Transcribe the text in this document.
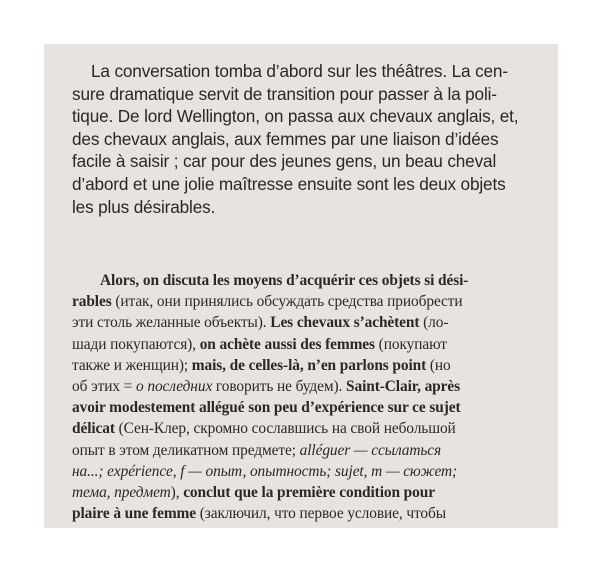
La conversation tomba d’abord sur les théâtres. La cen-
sure dramatique servit de transition pour passer à la poli-
tique. De lord Wellington, on passa aux chevaux anglais, et,
des chevaux anglais, aux femmes par une liaison d’idées
facile à saisir ; car pour des jeunes gens, un beau cheval
d’abord et une jolie maîtresse ensuite sont les deux objets
les plus désirables.
Alors, on discuta les moyens d’acquérir ces objets si dési-
rables (итак, они принялись обсуждать средства приобрести
эти столь желанные объекты). Les chevaux s’achètent (ло-
шади покупаются), on achète aussi des femmes (покупают
также и женщин); mais, de celles-là, n’en parlons point (но
об этих = о последних говорить не будем). Saint-Clair, après
avoir modestement allégué son peu d’expérience sur ce sujet
délicat (Сен-Клер, скромно сославшись на свой небольшой
опыт в этом деликатном предмете; alléguer — ссылаться
на...; expérience, f — опыт, опытность; sujet, m — сюжет;
тема, предмет), conclut que la première condition pour
plaire à une femme (заключил, что первое условие, чтобы
